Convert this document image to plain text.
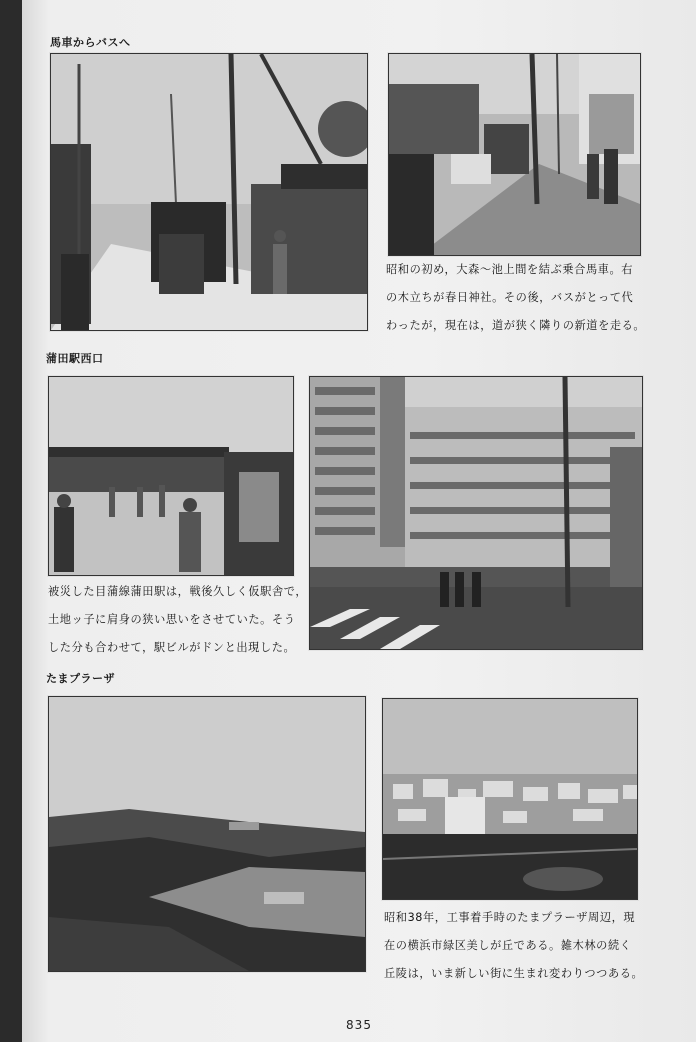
馬車からバスへ
昭和の初め，大森～池上間を結ぶ乗合馬車。右
の木立ちが春日神社。その後，バスがとって代
わったが，現在は，道が狭く隣りの新道を走る。
蒲田駅西口
被災した目蒲線蒲田駅は，戦後久しく仮駅舎で，
土地ッ子に肩身の狭い思いをさせていた。そう
した分も合わせて，駅ビルがドンと出現した。
たまプラーザ
昭和38年，工事着手時のたまプラーザ周辺，現
在の横浜市緑区美しが丘である。雑木林の続く
丘陵は，いま新しい街に生まれ変わりつつある。
835
